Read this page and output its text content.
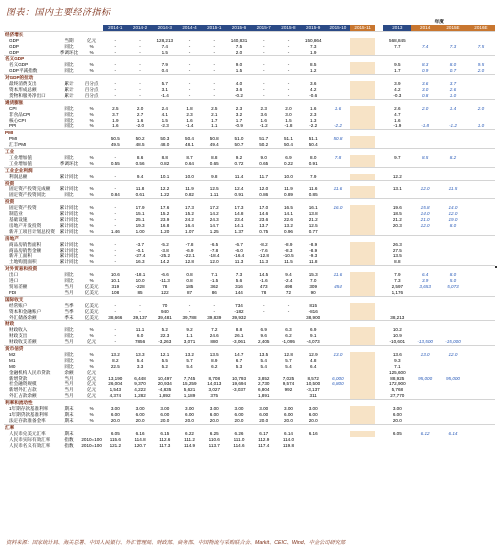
图表：国内主要经济指标
															年度			
			2014-1	2014-2	2014-3	2014-4	2015-1	2015-6	2015-7	2015-8	2015-9	2015-10	2015-11		2013	2014	2015E	2016E
经济增长																		
GDP	当期	亿元	-	-	128,213	-	-	140,831	-	-	150,864				568,845			
GDP	同比	%	-	-	7.4	-	-	7.5	-	-	7.3				7.7	7.4	7.3	7.5
GDP	季调环比	%	-	-	1.5	-	-	2.0	-	-	1.9							
名义GDP																		
名义GDP	同比	%	-	-	7.9	-	-	9.0	-	-	8.5				9.5	8.3	8.0	9.5
GDP平减指数	同比	%	-	-	0.4	-	-	1.5	-	-	1.2				1.7	0.9	0.7	2.0
对GDP的拉动																		
最终消费支出	累计	百分点	-	-	5.7	-	-	4.0	-	-	3.6				3.9	3.6	3.7	
资本形成总额	累计	百分点	-	-	3.1	-	-	3.6	-	-	4.2				4.2	3.0	2.6	
货物和服务净出口	累计	百分点	-	-	-1.4	-	-	-0.2	-	-	-0.6				-0.3	0.8	1.0	
通货膨胀																		
CPI	同比	%	2.5	2.0	2.4	1.8	2.5	2.3	2.3	2.0	1.6	1.6			2.6	2.0	1.4	2.0
非食品CPI	同比	%	3.7	2.7	4.1	2.3	2.1	3.2	3.6	3.0	2.3				4.7			
核心CPI	同比	%	1.9	1.6	1.5	1.6	1.7	1.7	1.6	1.5	1.3				1.6			
PPI	同比	%	1.6	-2.0	-2.3	-1.4	1.1	-0.9	-1.2	-1.8	-2.2	-2.2			-1.9	-1.8	-1.2	1.0
PMI																		
PMI			50.5	50.2	50.3	50.4	50.8	51.0	51.7	51.1	51.1	50.8						
汇丰PMI			49.5	48.5	48.0	48.1	49.4	50.7	50.2	50.4	50.4							
工业																		
工业增加值	同比	%	-	8.6	8.8	8.7	8.8	9.2	9.0	6.9	8.0	7.8			9.7	8.5	8.2	
工业增加值	季调环比	%	0.55	0.56	0.82	0.64	0.65	0.72	0.65	0.22	0.91							
工业企业利润																		
利润总额	累计同比	%	-	9.4	10.1	10.0	9.8	11.4	11.7	10.0	7.9				12.2			
投资																		
固定资产投资完成额	累计同比	%	-	11.8	12.2	11.9	12.5	12.4	12.0	11.9	11.6	11.6			13.1	12.0	11.5	
固定资产投资同比	同比	%	0.84	0.61	1.22	0.82	1.11	0.91	0.86	0.89	0.85							
投资																		
固定资产投资	累计同比	%	-	17.9	17.6	17.3	17.2	17.3	17.0	16.5	16.1	16.0			19.6	15.8	14.0	
制造业	累计同比	%	-	15.1	15.2	15.2	14.2	14.8	14.6	14.1	13.8				18.5	14.0	12.0	
基础设施	累计同比	%	-	25.1	23.9	24.2	24.3	23.4	23.6	22.6	21.2				21.2	21.0	19.0	
房地产开发投资	累计同比	%	-	19.3	16.8	16.4	14.7	14.1	13.7	13.2	12.5				20.3	12.0	8.0	
新开工项目计划总投资	累计同比	%	1.46	1.00	1.20	1.07	1.25	1.37	0.75	0.96	0.77							
房地产																		
商品房销售面积	累计同比	%	-	-3.7	-5.2	-7.8	-6.5	-6.7	-8.2	-8.9	-8.9				26.3			
商品房销售金额	累计同比	%	-	-0.1	-3.8	-6.9	-7.8	-6.0	-7.6	-8.3	-8.9				27.5			
新开工面积	累计同比	%	-	-27.4	-25.2	-22.1	-18.4	-16.4	-12.8	-10.5	-9.3				13.5			
土地购置面积	累计同比	%	-	16.3	14.2	12.8	12.0	11.3	11.3	11.5	11.8				8.8			
对外贸易和投资																		
出口	同比	%	10.6	-18.1	-6.6	0.8	7.1	7.3	14.5	9.4	15.3	11.6			7.9	6.4	8.0	
进口	同比	%	10.1	10.0	-11.3	0.8	-1.5	5.6	-1.6	-2.4	7.0				7.3	3.9	5.0	
贸易差额	当月	亿美元	319	-228	78	185	362	316	473	498	309	454			2,597	3,653	5,073	
FDI	当月	亿美元	108	85	122	87	86	144	78	72	90				1,176			
国际收支																		
经常账户	当季	亿美元	-	-	70	-	-	734	-	-	815							
资本和金融账户	当季	亿美元	-	-	940	-	-	-182	-	-	-816							
外汇储备余额	季末	亿美元	38,666	39,137	39,481	39,788	39,839	39,932			38,900				38,213			
财政																		
财政收入	同比	%	-	11.1	5.2	9.2	7.2	8.8	6.9	6.3	6.9				10.2			
财政支出	同比	%	-	6.0	22.3	1.1	24.6	26.1	9.6	6.2	9.1				10.9			
财政收支差额	当月	亿元	-	7856	-3,263	3,071	880	-3,061	2,405	-1,095	-4,073				-10,601	-13,500	-15,000	
货币信贷																		
M2	同比	%	13.2	13.3	12.1	13.2	13.5	14.7	13.5	12.8	12.9	13.0			13.6	13.0	12.0	
M1	同比	%	8.2	5.4	5.5	5.7	8.9	6.7	5.4	5.7	4.8				9.3			
M0	同比	%	22.5	3.3	5.2	5.4	6.2	5.3	5.4	5.4	6.4				7.1			
金融机构人民币贷款	余额	亿元													125,600			
新增贷款	当月	亿元	13,190	6,448	10,497	7,745	8,708	10,793	3,852	7,025	8,572	6,000			88,925	95,000	95,000	
社会融资规模	当月	亿元	26,004	9,370	20,934	15,259	14,013	19,694	2,730	9,574	10,500	6,800			172,900			
新增外汇占款	当月	亿元	1,543	4,222	-4,835	5,621	3,027	-3,037	6,804	992	-3,137				5,768			
外汇占款余额	当月	亿元	4,374	1,282	1,892	1,189	375		1,891		311				27,770			
利率和流动性																		
1年期存款基准利率	期末	%	3.00	3.00	3.00	3.00	3.00	3.00	3.00	3.00	3.00				3.00			
1年期贷款基准利率	期末	%	6.00	6.00	6.00	6.00	6.00	6.00	6.00	6.00	6.00				6.00			
法定存款准备金率	期末	%	20.0	20.0	20.0	20.0	20.0	20.0	20.0	20.0	20.0				20.0			
汇率																		
人民币兑美元汇率	期末		6.05	6.16	6.15	6.22	6.25	6.26	6.17	6.14	6.16				6.05	6.12	6.14	
人民币实际有效汇率	指数	2010=100	115.6	114.8	112.6	111.2	110.6	111.0	112.9	114.0								
人民币名义有效汇率	指数	2010=100	121.2	120.7	117.3	114.9	113.7	114.6	117.4	119.8								
资料来源：国家统计局、海关总署、中国人民银行、外汇管理局、财政部、商务部、中国物流与采购联合会、Markit、CEIC、Wind、中金公司研究部
